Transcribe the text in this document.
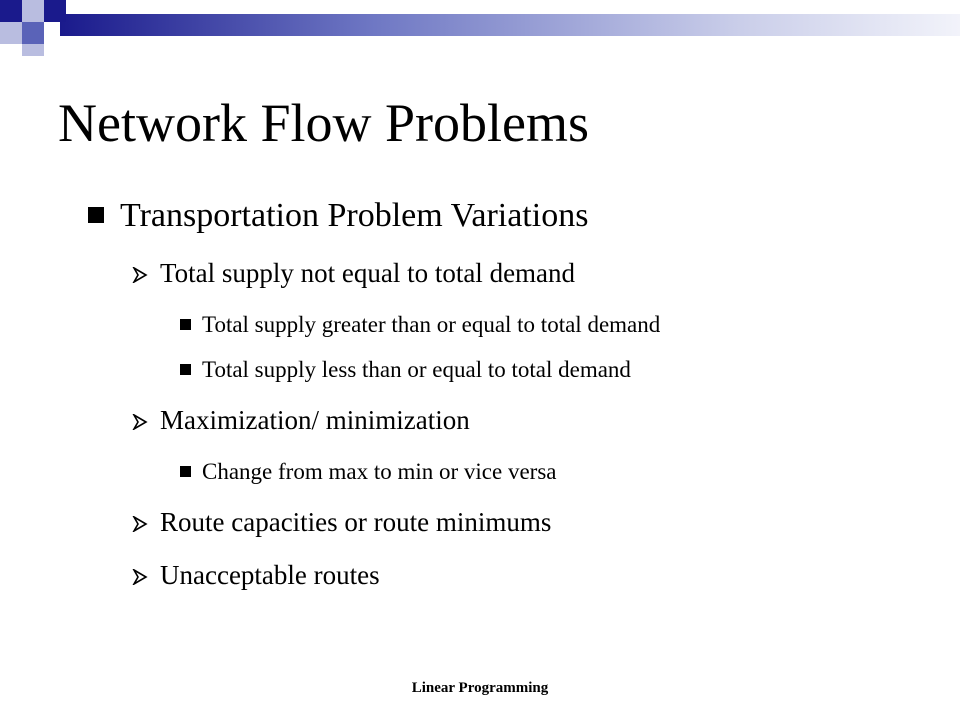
Network Flow Problems
Transportation Problem Variations
Total supply not equal to total demand
Total supply greater than or equal to total demand
Total supply less than or equal to total demand
Maximization/ minimization
Change from max to min or vice versa
Route capacities or route minimums
Unacceptable routes
Linear Programming
